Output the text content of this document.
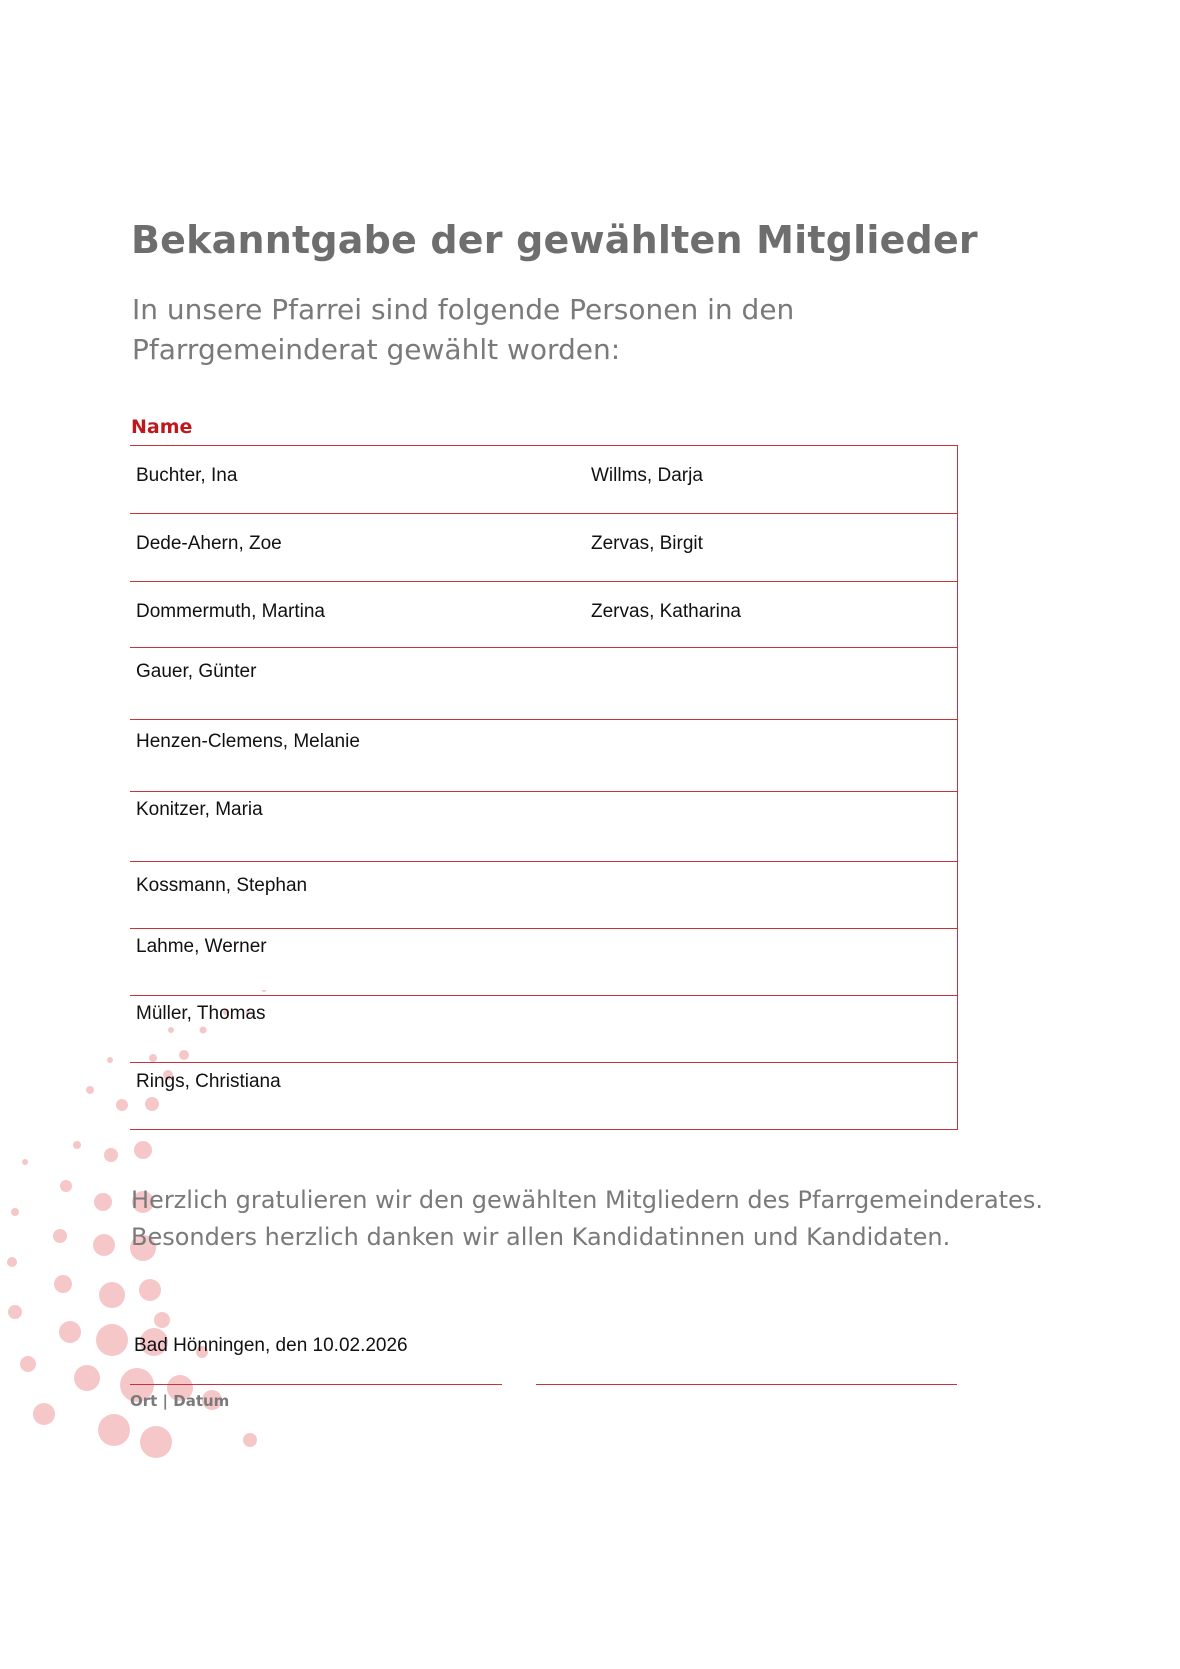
Bekanntgabe der gewählten Mitglieder

In unsere Pfarrei sind folgende Personen in den
Pfarrgemeinderat gewählt worden:

Name
Buchter, Ina	Willms, Darja
Dede-Ahern, Zoe	Zervas, Birgit
Dommermuth, Martina	Zervas, Katharina
Gauer, Günter
Henzen-Clemens, Melanie
Konitzer, Maria
Kossmann, Stephan
Lahme, Werner
Müller, Thomas
Rings, Christiana

Herzlich gratulieren wir den gewählten Mitgliedern des Pfarrgemeinderates.
Besonders herzlich danken wir allen Kandidatinnen und Kandidaten.

Bad Hönningen, den 10.02.2026
Ort | Datum
